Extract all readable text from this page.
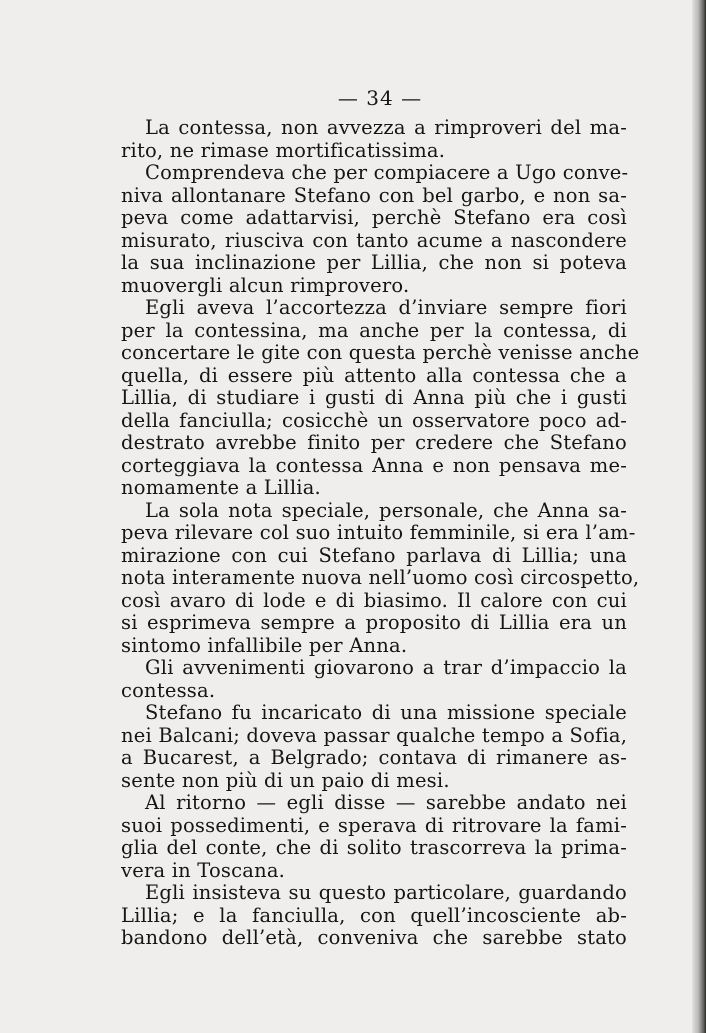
— 34 —
La contessa, non avvezza a rimproveri del ma-
rito, ne rimase mortificatissima.
Comprendeva che per compiacere a Ugo conve-
niva allontanare Stefano con bel garbo, e non sa-
peva come adattarvisi, perchè Stefano era così
misurato, riusciva con tanto acume a nascondere
la sua inclinazione per Lillia, che non si poteva
muovergli alcun rimprovero.
Egli aveva l’accortezza d’inviare sempre fiori
per la contessina, ma anche per la contessa, di
concertare le gite con questa perchè venisse anche
quella, di essere più attento alla contessa che a
Lillia, di studiare i gusti di Anna più che i gusti
della fanciulla; cosicchè un osservatore poco ad-
destrato avrebbe finito per credere che Stefano
corteggiava la contessa Anna e non pensava me-
nomamente a Lillia.
La sola nota speciale, personale, che Anna sa-
peva rilevare col suo intuito femminile, si era l’am-
mirazione con cui Stefano parlava di Lillia; una
nota interamente nuova nell’uomo così circospetto,
così avaro di lode e di biasimo. Il calore con cui
si esprimeva sempre a proposito di Lillia era un
sintomo infallibile per Anna.
Gli avvenimenti giovarono a trar d’impaccio la
contessa.
Stefano fu incaricato di una missione speciale
nei Balcani; doveva passar qualche tempo a Sofia,
a Bucarest, a Belgrado; contava di rimanere as-
sente non più di un paio di mesi.
Al ritorno — egli disse — sarebbe andato nei
suoi possedimenti, e sperava di ritrovare la fami-
glia del conte, che di solito trascorreva la prima-
vera in Toscana.
Egli insisteva su questo particolare, guardando
Lillia; e la fanciulla, con quell’incosciente ab-
bandono dell’età, conveniva che sarebbe stato
